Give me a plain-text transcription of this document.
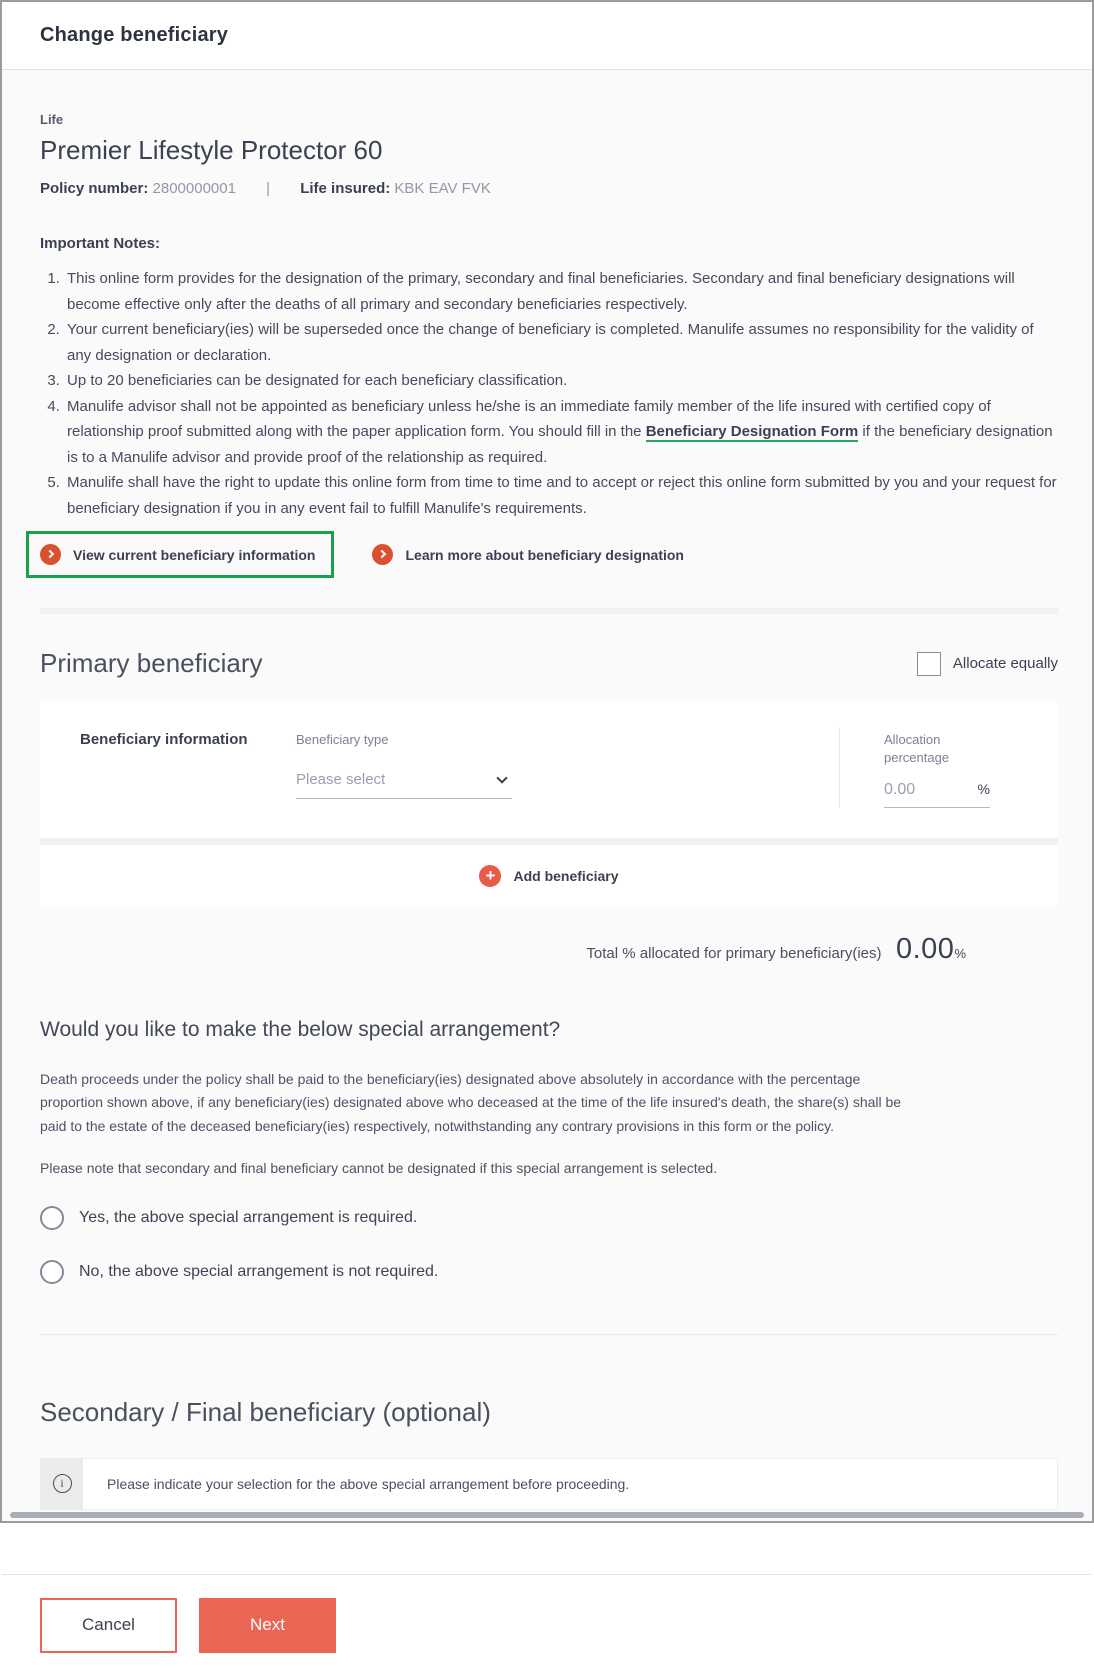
Change beneficiary
Life
Premier Lifestyle Protector 60
Policy number: 2800000001 | Life insured: KBK EAV FVK
Important Notes:
1. This online form provides for the designation of the primary, secondary and final beneficiaries. Secondary and final beneficiary designations will become effective only after the deaths of all primary and secondary beneficiaries respectively.
2. Your current beneficiary(ies) will be superseded once the change of beneficiary is completed. Manulife assumes no responsibility for the validity of any designation or declaration.
3. Up to 20 beneficiaries can be designated for each beneficiary classification.
4. Manulife advisor shall not be appointed as beneficiary unless he/she is an immediate family member of the life insured with certified copy of relationship proof submitted along with the paper application form. You should fill in the Beneficiary Designation Form if the beneficiary designation is to a Manulife advisor and provide proof of the relationship as required.
5. Manulife shall have the right to update this online form from time to time and to accept or reject this online form submitted by you and your request for beneficiary designation if you in any event fail to fulfill Manulife's requirements.
View current beneficiary information	Learn more about beneficiary designation
Primary beneficiary	Allocate equally
Beneficiary information	Beneficiary type
Please select
Allocation percentage
0.00
%
+	Add beneficiary
Total % allocated for primary beneficiary(ies) 0.00%
Would you like to make the below special arrangement?

Death proceeds under the policy shall be paid to the beneficiary(ies) designated above absolutely in accordance with the percentage proportion shown above, if any beneficiary(ies) designated above who deceased at the time of the life insured's death, the share(s) shall be paid to the estate of the deceased beneficiary(ies) respectively, notwithstanding any contrary provisions in this form or the policy.

Please note that secondary and final beneficiary cannot be designated if this special arrangement is selected.

Yes, the above special arrangement is required.
No, the above special arrangement is not required.
Secondary / Final beneficiary (optional)
i	Please indicate your selection for the above special arrangement before proceeding.
Cancel	Next
